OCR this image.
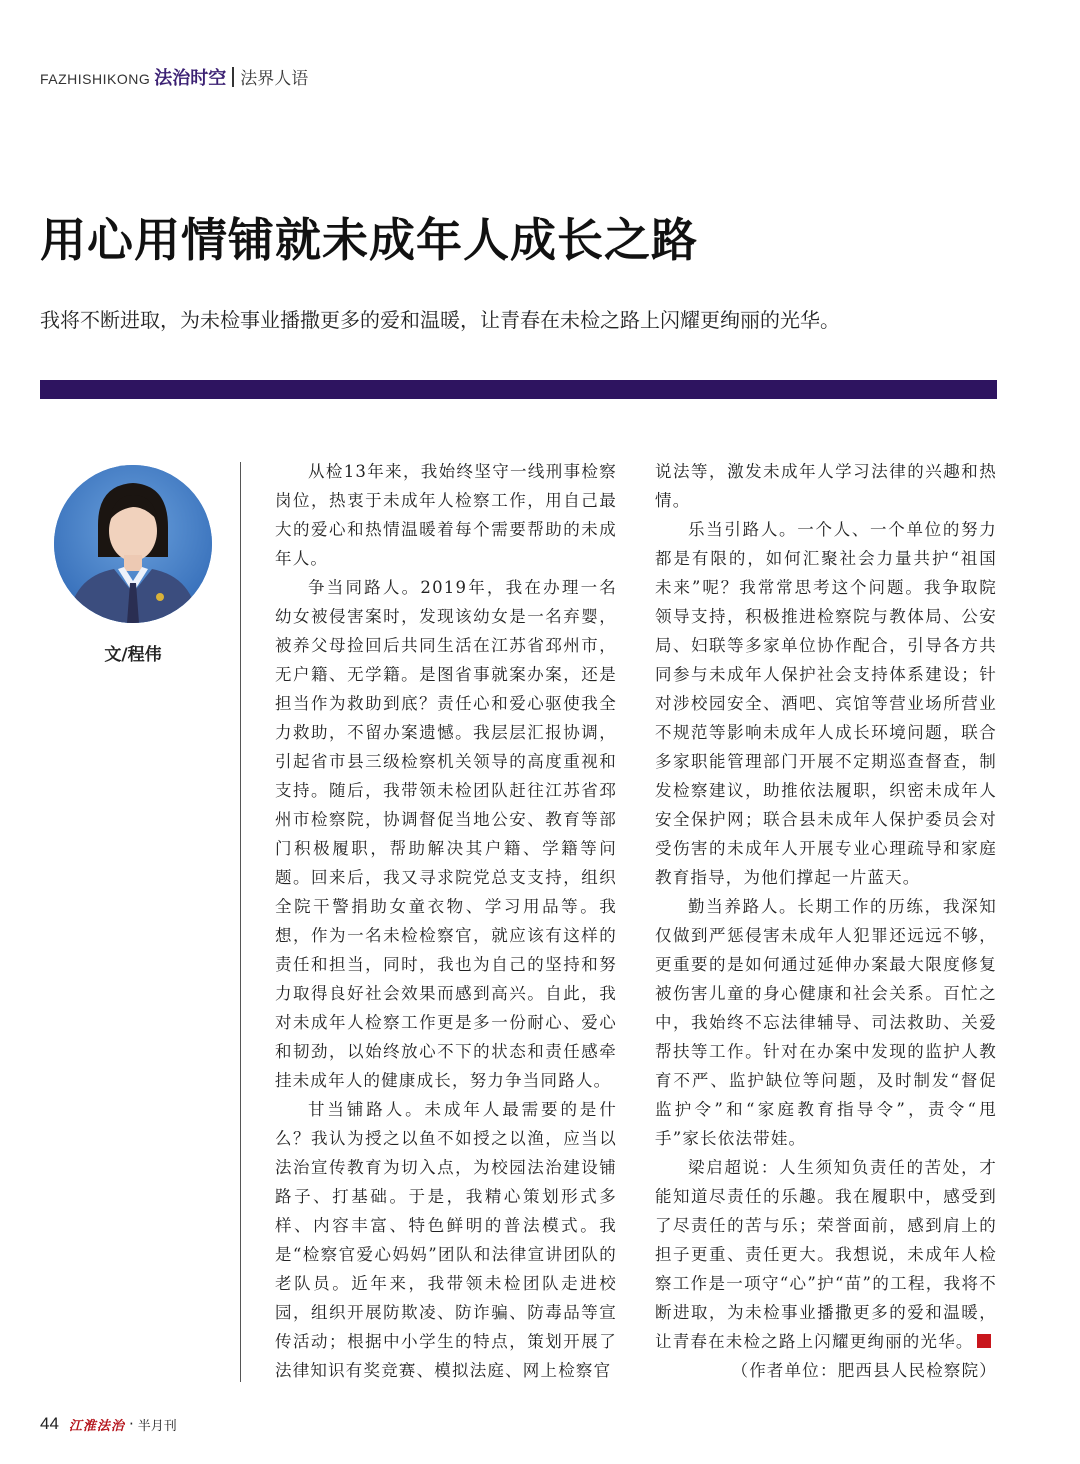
FAZHISHIKONG 法治时空 法界人语
用心用情铺就未成年人成长之路

我将不断进取，为未检事业播撒更多的爱和温暖，让青春在未检之路上闪耀更绚丽的光华。

文/程伟

从检13年来，我始终坚守一线刑事检察岗位，热衷于未成年人检察工作，用自己最大的爱心和热情温暖着每个需要帮助的未成年人。

争当同路人。2019年，我在办理一名幼女被侵害案时，发现该幼女是一名弃婴，被养父母捡回后共同生活在江苏省邳州市，无户籍、无学籍。是图省事就案办案，还是担当作为救助到底？责任心和爱心驱使我全力救助，不留办案遗憾。我层层汇报协调，引起省市县三级检察机关领导的高度重视和支持。随后，我带领未检团队赶往江苏省邳州市检察院，协调督促当地公安、教育等部门积极履职，帮助解决其户籍、学籍等问题。回来后，我又寻求院党总支支持，组织全院干警捐助女童衣物、学习用品等。我想，作为一名未检检察官，就应该有这样的责任和担当，同时，我也为自己的坚持和努力取得良好社会效果而感到高兴。自此，我对未成年人检察工作更是多一份耐心、爱心和韧劲，以始终放心不下的状态和责任感牵挂未成年人的健康成长，努力争当同路人。

甘当铺路人。未成年人最需要的是什么？我认为授之以鱼不如授之以渔，应当以法治宣传教育为切入点，为校园法治建设铺路子、打基础。于是，我精心策划形式多样、内容丰富、特色鲜明的普法模式。我是“检察官爱心妈妈”团队和法律宣讲团队的老队员。近年来，我带领未检团队走进校园，组织开展防欺凌、防诈骗、防毒品等宣传活动；根据中小学生的特点，策划开展了法律知识有奖竞赛、模拟法庭、网上检察官

说法等，激发未成年人学习法律的兴趣和热情。

乐当引路人。一个人、一个单位的努力都是有限的，如何汇聚社会力量共护“祖国未来”呢？我常常思考这个问题。我争取院领导支持，积极推进检察院与教体局、公安局、妇联等多家单位协作配合，引导各方共同参与未成年人保护社会支持体系建设；针对涉校园安全、酒吧、宾馆等营业场所营业不规范等影响未成年人成长环境问题，联合多家职能管理部门开展不定期巡查督查，制发检察建议，助推依法履职，织密未成年人安全保护网；联合县未成年人保护委员会对受伤害的未成年人开展专业心理疏导和家庭教育指导，为他们撑起一片蓝天。

勤当养路人。长期工作的历练，我深知仅做到严惩侵害未成年人犯罪还远远不够，更重要的是如何通过延伸办案最大限度修复被伤害儿童的身心健康和社会关系。百忙之中，我始终不忘法律辅导、司法救助、关爱帮扶等工作。针对在办案中发现的监护人教育不严、监护缺位等问题，及时制发“督促监护令”和“家庭教育指导令”，责令“甩手”家长依法带娃。

梁启超说：人生须知负责任的苦处，才能知道尽责任的乐趣。我在履职中，感受到了尽责任的苦与乐；荣誉面前，感到肩上的担子更重、责任更大。我想说，未成年人检察工作是一项守“心”护“苗”的工程，我将不断进取，为未检事业播撒更多的爱和温暖，让青春在未检之路上闪耀更绚丽的光华。

（作者单位：肥西县人民检察院）

44 江淮法治 · 半月刊
